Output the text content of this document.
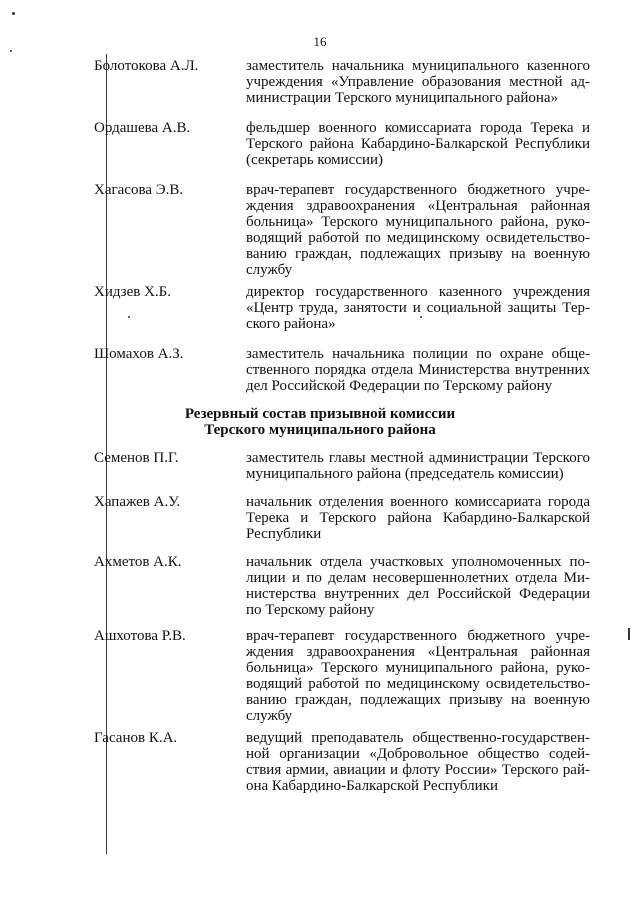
16
Болотокова А.Л.	заместитель начальника муниципального казенного учреждения «Управление образования местной администрации Терского муниципального района»
Ордашева А.В.	фельдшер военного комиссариата города Терека и Терского района Кабардино-Балкарской Республики (секретарь комиссии)
Хагасова Э.В.	врач-терапевт государственного бюджетного учреждения здравоохранения «Центральная районная больница» Терского муниципального района, руководящий работой по медицинскому освидетельствованию граждан, подлежащих призыву на военную службу
Хидзев Х.Б.	директор государственного казенного учреждения «Центр труда, занятости и социальной защиты Терского района»
Шомахов А.З.	заместитель начальника полиции по охране общественного порядка отдела Министерства внутренних дел Российской Федерации по Терскому району
Резервный состав призывной комиссии
Терского муниципального района
Семенов П.Г.	заместитель главы местной администрации Терского муниципального района (председатель комиссии)
Хапажев А.У.	начальник отделения военного комиссариата города Терека и Терского района Кабардино-Балкарской Республики
Ахметов А.К.	начальник отдела участковых уполномоченных полиции и по делам несовершеннолетних отдела Министерства внутренних дел Российской Федерации по Терскому району
Ашхотова Р.В.	врач-терапевт государственного бюджетного учреждения здравоохранения «Центральная районная больница» Терского муниципального района, руководящий работой по медицинскому освидетельствованию граждан, подлежащих призыву на военную службу
Гасанов К.А.	ведущий преподаватель общественно-государственной организации «Добровольное общество содействия армии, авиации и флоту России» Терского района Кабардино-Балкарской Республики
